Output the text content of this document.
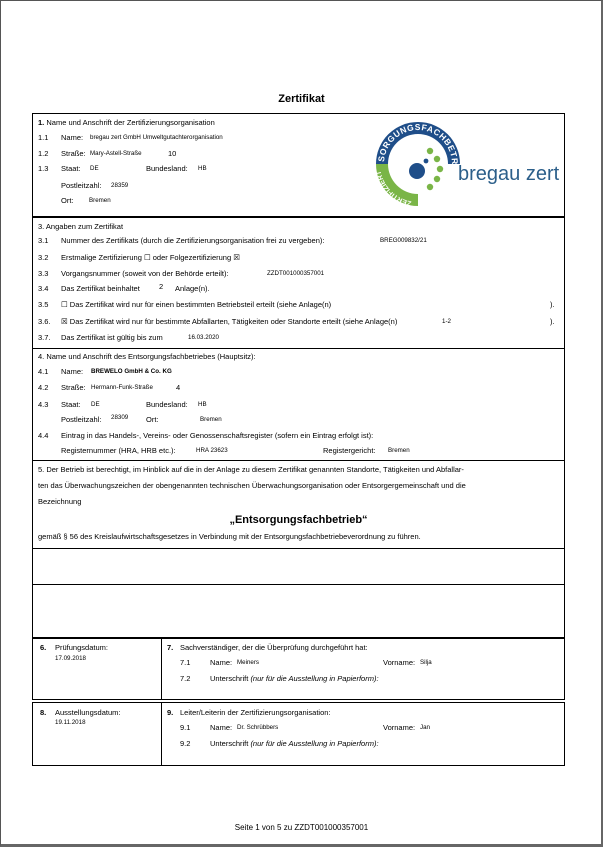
Zertifikat
1. Name und Anschrift der Zertifizierungsorganisation
1.1 Name: bregau zert GmbH Umweltgutachterorganisation
1.2 Straße: Mary-Astell-Straße	10
1.3 Staat: DE	Bundesland: HB
Postleitzahl: 28359
Ort:	Bremen
SORGUNGSFACHBETR
ZERTIFIZIERT	bregau zert
3. Angaben zum Zertifikat
3.1 Nummer des Zertifikats (durch die Zertifizierungsorganisation frei zu vergeben):	BREG009832/21
3.2 Erstmalige Zertifizierung ☐ oder Folgezertifizierung ☒
3.3 Vorgangsnummer (soweit von der Behörde erteilt):	ZZDT001000357001
3.4 Das Zertifikat beinhaltet	2 Anlage(n).
3.5 ☐ Das Zertifikat wird nur für einen bestimmten Betriebsteil erteilt (siehe Anlage(n)	).
3.6. ☒ Das Zertifikat wird nur für bestimmte Abfallarten, Tätigkeiten oder Standorte erteilt (siehe Anlage(n)	1-2	).
3.7. Das Zertifikat ist gültig bis zum	16.03.2020
4. Name und Anschrift des Entsorgungsfachbetriebes (Hauptsitz):
4.1 Name: BREWELO GmbH & Co. KG
4.2 Straße: Hermann-Funk-Straße	4
4.3 Staat: DE	Bundesland: HB
Postleitzahl: 28309 Ort:	Bremen
4.4 Eintrag in das Handels-, Vereins- oder Genossenschaftsregister (sofern ein Eintrag erfolgt ist):
Registernummer (HRA, HRB etc.):	HRA 23623	Registergericht: Bremen
5. Der Betrieb ist berechtigt, im Hinblick auf die in der Anlage zu diesem Zertifikat genannten Standorte, Tätigkeiten und Abfallar-
ten das Überwachungszeichen der obengenannten technischen Überwachungsorganisation oder Entsorgergemeinschaft und die
Bezeichnung
„Entsorgungsfachbetrieb“
gemäß § 56 des Kreislaufwirtschaftsgesetzes in Verbindung mit der Entsorgungsfachbetriebeverordnung zu führen.
6. Prüfungsdatum:
17.09.2018
7. Sachverständiger, der die Überprüfung durchgeführt hat:
7.1	Name: Meiners	Vorname: Silja
7.2	Unterschrift (nur für die Ausstellung in Papierform):
8. Ausstellungsdatum:
19.11.2018
9. Leiter/Leiterin der Zertifizierungsorganisation:
9.1	Name: Dr. Schrübbers	Vorname: Jan
9.2	Unterschrift (nur für die Ausstellung in Papierform):
Seite 1 von 5 zu ZZDT001000357001
